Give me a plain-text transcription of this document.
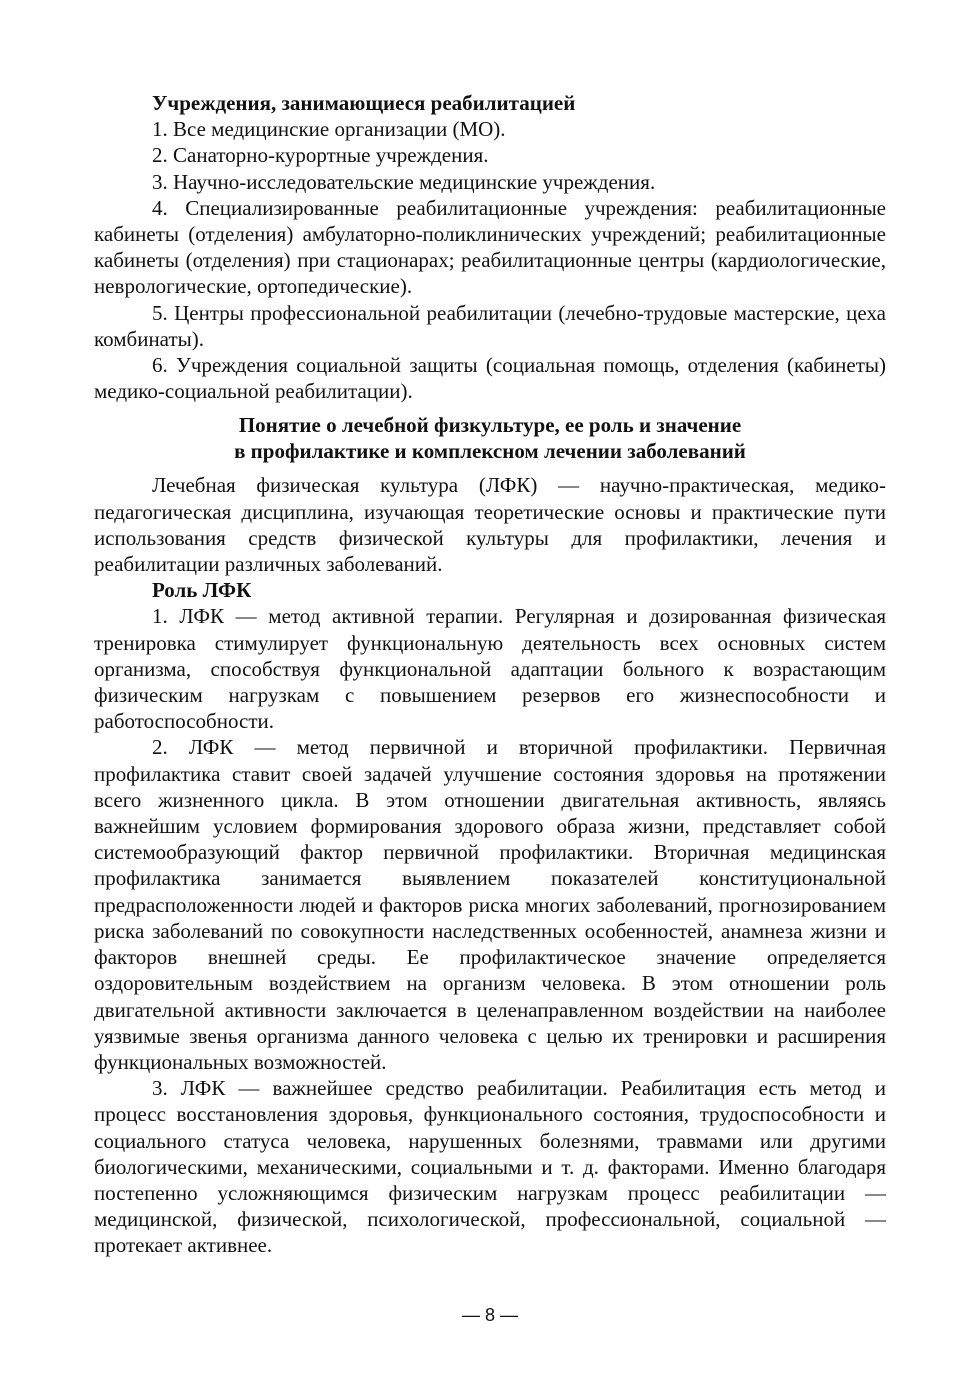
Учреждения, занимающиеся реабилитацией

1. Все медицинские организации (МО).

2. Санаторно-курортные учреждения.

3. Научно-исследовательские медицинские учреждения.

4. Специализированные реабилитационные учреждения: реабилитационные кабинеты (отделения) амбулаторно-поликлинических учреждений; реабилитационные кабинеты (отделения) при стационарах; реабилитационные центры (кардиологические, неврологические, ортопедические).

5. Центры профессиональной реабилитации (лечебно-трудовые мастерские, цеха комбинаты).

6. Учреждения социальной защиты (социальная помощь, отделения (кабинеты) медико-социальной реабилитации).

Понятие о лечебной физкультуре, ее роль и значение
в профилактике и комплексном лечении заболеваний

Лечебная физическая культура (ЛФК) — научно-практическая, медико-педагогическая дисциплина, изучающая теоретические основы и практические пути использования средств физической культуры для профилактики, лечения и реабилитации различных заболеваний.

Роль ЛФК

1. ЛФК — метод активной терапии. Регулярная и дозированная физическая тренировка стимулирует функциональную деятельность всех основных систем организма, способствуя функциональной адаптации больного к возрастающим физическим нагрузкам с повышением резервов его жизнеспособности и работоспособности.

2. ЛФК — метод первичной и вторичной профилактики. Первичная профилактика ставит своей задачей улучшение состояния здоровья на протяжении всего жизненного цикла. В этом отношении двигательная активность, являясь важнейшим условием формирования здорового образа жизни, представляет собой системообразующий фактор первичной профилактики. Вторичная медицинская профилактика занимается выявлением показателей конституциональной предрасположенности людей и факторов риска многих заболеваний, прогнозированием риска заболеваний по совокупности наследственных особенностей, анамнеза жизни и факторов внешней среды. Ее профилактическое значение определяется оздоровительным воздействием на организм человека. В этом отношении роль двигательной активности заключается в целенаправленном воздействии на наиболее уязвимые звенья организма данного человека с целью их тренировки и расширения функциональных возможностей.

3. ЛФК — важнейшее средство реабилитации. Реабилитация есть метод и процесс восстановления здоровья, функционального состояния, трудоспособности и социального статуса человека, нарушенных болезнями, травмами или другими биологическими, механическими, социальными и т. д. факторами. Именно благодаря постепенно усложняющимся физическим нагрузкам процесс реабилитации — медицинской, физической, психологической, профессиональной, социальной — протекает активнее.

— 8 —
